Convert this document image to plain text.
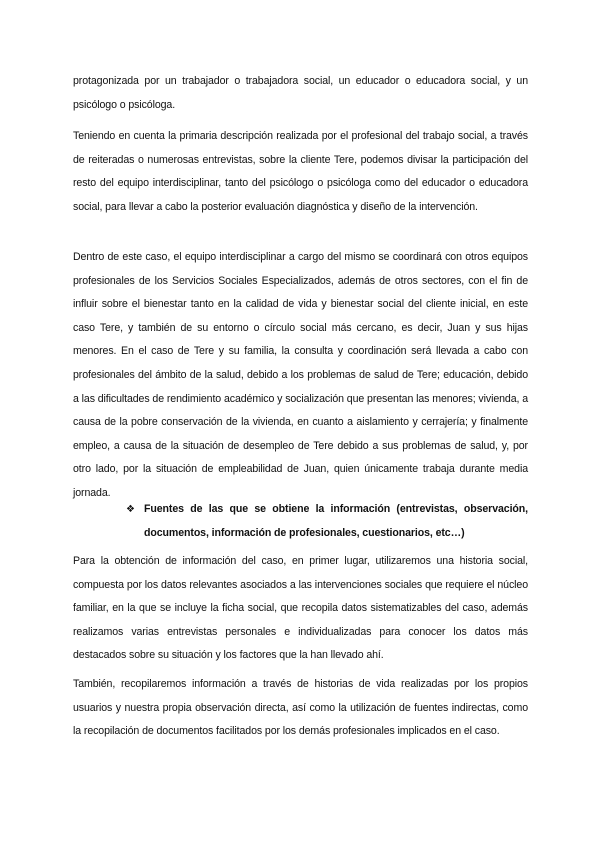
protagonizada por un trabajador o trabajadora social, un educador o educadora social, y un psicólogo o psicóloga.

Teniendo en cuenta la primaria descripción realizada por el profesional del trabajo social, a través de reiteradas o numerosas entrevistas, sobre la cliente Tere, podemos divisar la participación del resto del equipo interdisciplinar, tanto del psicólogo o psicóloga como del educador o educadora social, para llevar a cabo la posterior evaluación diagnóstica y diseño de la intervención.

Dentro de este caso, el equipo interdisciplinar a cargo del mismo se coordinará con otros equipos profesionales de los Servicios Sociales Especializados, además de otros sectores, con el fin de influir sobre el bienestar tanto en la calidad de vida y bienestar social del cliente inicial, en este caso Tere, y también de su entorno o círculo social más cercano, es decir, Juan y sus hijas menores. En el caso de Tere y su familia, la consulta y coordinación será llevada a cabo con profesionales del ámbito de la salud, debido a los problemas de salud de Tere; educación, debido a las dificultades de rendimiento académico y socialización que presentan las menores; vivienda, a causa de la pobre conservación de la vivienda, en cuanto a aislamiento y cerrajería; y finalmente empleo, a causa de la situación de desempleo de Tere debido a sus problemas de salud, y, por otro lado, por la situación de empleabilidad de Juan, quien únicamente trabaja durante media jornada.

❖ Fuentes de las que se obtiene la información (entrevistas, observación, documentos, información de profesionales, cuestionarios, etc…)

Para la obtención de información del caso, en primer lugar, utilizaremos una historia social, compuesta por los datos relevantes asociados a las intervenciones sociales que requiere el núcleo familiar, en la que se incluye la ficha social, que recopila datos sistematizables del caso, además realizamos varias entrevistas personales e individualizadas para conocer los datos más destacados sobre su situación y los factores que la han llevado ahí.

También, recopilaremos información a través de historias de vida realizadas por los propios usuarios y nuestra propia observación directa, así como la utilización de fuentes indirectas, como la recopilación de documentos facilitados por los demás profesionales implicados en el caso.
